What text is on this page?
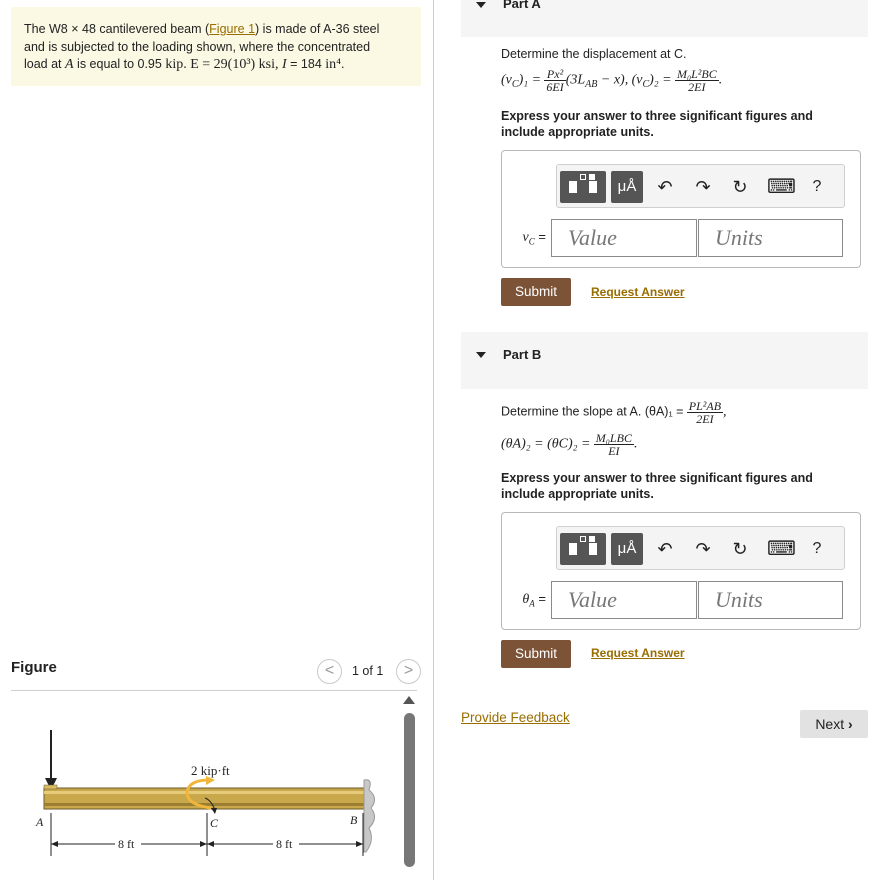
The W8 × 48 cantilevered beam (Figure 1) is made of A-36 steel
and is subjected to the loading shown, where the concentrated
load at A is equal to 0.95 kip. E = 29(10³) ksi, I = 184 in⁴.
Figure	<	1 of 1	>
2 kip·ft
A	B
C
8 ft	8 ft
Part A
Determine the displacement at C.
$(v_C)_1 = \frac{\text{Px²}}{6EI} (3L_{AB} - x)$, $(v_C)_2 = \frac{\text{M₀L²BC}}{2EI}$ .
Express your answer to three significant figures and include appropriate units.
μÅ	↶ ↷ ↻ ⌨	?
$v_C$ =	Value	Units
Submit	Request Answer
Part B
Determine the slope at A. $(\theta A)_1 = \frac{\text{PL²AB}}{2EI}$ ,
$(\theta A)_2 = (\theta C)_2 = \frac{\text{M₀LBC}}{EI}$ .
Express your answer to three significant figures and include appropriate units.
μÅ	↶ ↷ ↻ ⌨	?
$\theta_A$ =	Value	Units
Submit	Request Answer
Provide Feedback	Next ›
